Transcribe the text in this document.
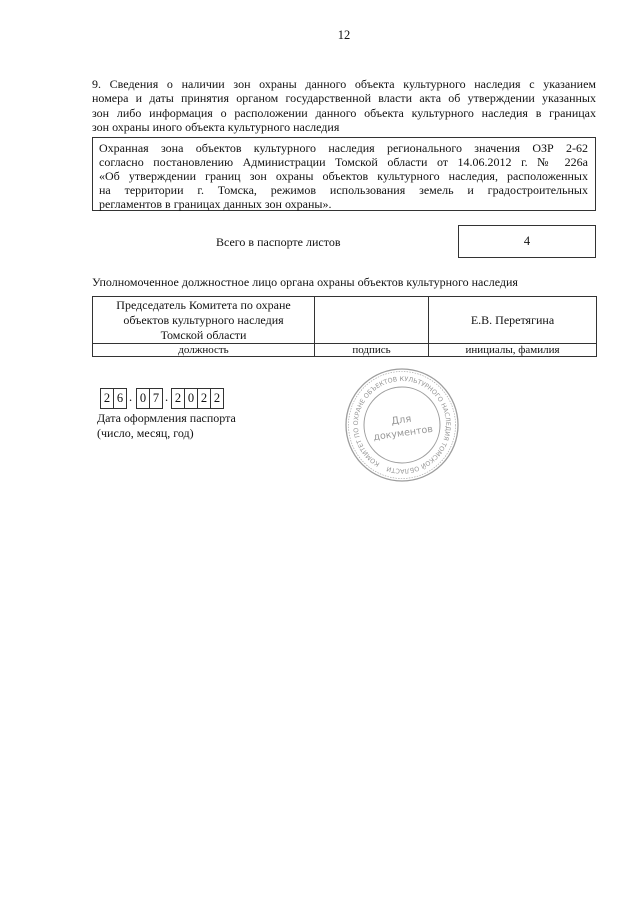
12
9. Сведения о наличии зон охраны данного объекта культурного наследия с указанием
номера и даты принятия органом государственной власти акта об утверждении указанных
зон либо информация о расположении данного объекта культурного наследия в границах
зон охраны иного объекта культурного наследия
Охранная зона объектов культурного наследия регионального значения ОЗР 2-62
согласно постановлению Администрации Томской области от 14.06.2012 г. № 226а
«Об утверждении границ зон охраны объектов культурного наследия, расположенных
на территории г. Томска, режимов использования земель и градостроительных
регламентов в границах данных зон охраны».
Всего в паспорте листов	4
Уполномоченное должностное лицо органа охраны объектов культурного наследия
Председатель Комитета по охране
объектов культурного наследия
Томской области		Е.В. Перетягина
должность	подпись	инициалы, фамилия
2 6 . 0 7 . 2 0 2 2
Дата оформления паспорта
(число, месяц, год)
КОМИТЕТ ПО ОХРАНЕ ОБЪЕКТОВ КУЛЬТУРНОГО НАСЛЕДИЯ ТОМСКОЙ ОБЛАСТИ
Для
документов
